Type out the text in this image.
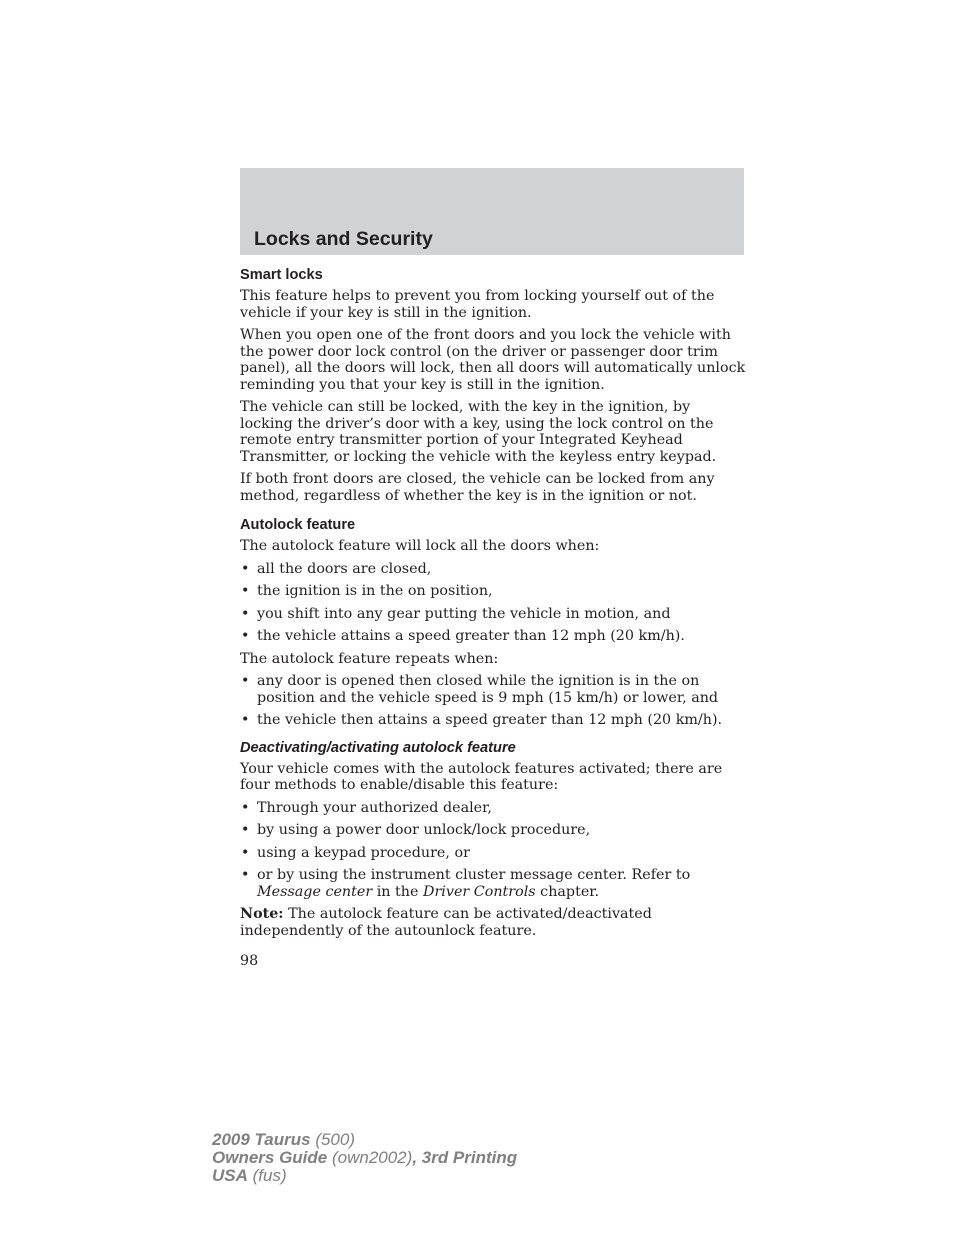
Locks and Security
Smart locks

This feature helps to prevent you from locking yourself out of the vehicle if your key is still in the ignition.

When you open one of the front doors and you lock the vehicle with the power door lock control (on the driver or passenger door trim panel), all the doors will lock, then all doors will automatically unlock reminding you that your key is still in the ignition.

The vehicle can still be locked, with the key in the ignition, by locking the driver’s door with a key, using the lock control on the remote entry transmitter portion of your Integrated Keyhead Transmitter, or locking the vehicle with the keyless entry keypad.

If both front doors are closed, the vehicle can be locked from any method, regardless of whether the key is in the ignition or not.

Autolock feature

The autolock feature will lock all the doors when:

• all the doors are closed,
• the ignition is in the on position,
• you shift into any gear putting the vehicle in motion, and
• the vehicle attains a speed greater than 12 mph (20 km/h).

The autolock feature repeats when:

• any door is opened then closed while the ignition is in the on position and the vehicle speed is 9 mph (15 km/h) or lower, and
• the vehicle then attains a speed greater than 12 mph (20 km/h).
Deactivating/activating autolock feature

Your vehicle comes with the autolock features activated; there are four methods to enable/disable this feature:

• Through your authorized dealer,
• by using a power door unlock/lock procedure,
• using a keypad procedure, or
• or by using the instrument cluster message center. Refer to Message center in the Driver Controls chapter.

Note: The autolock feature can be activated/deactivated independently of the autounlock feature.

98
2009 Taurus (500)
Owners Guide (own2002), 3rd Printing
USA (fus)
